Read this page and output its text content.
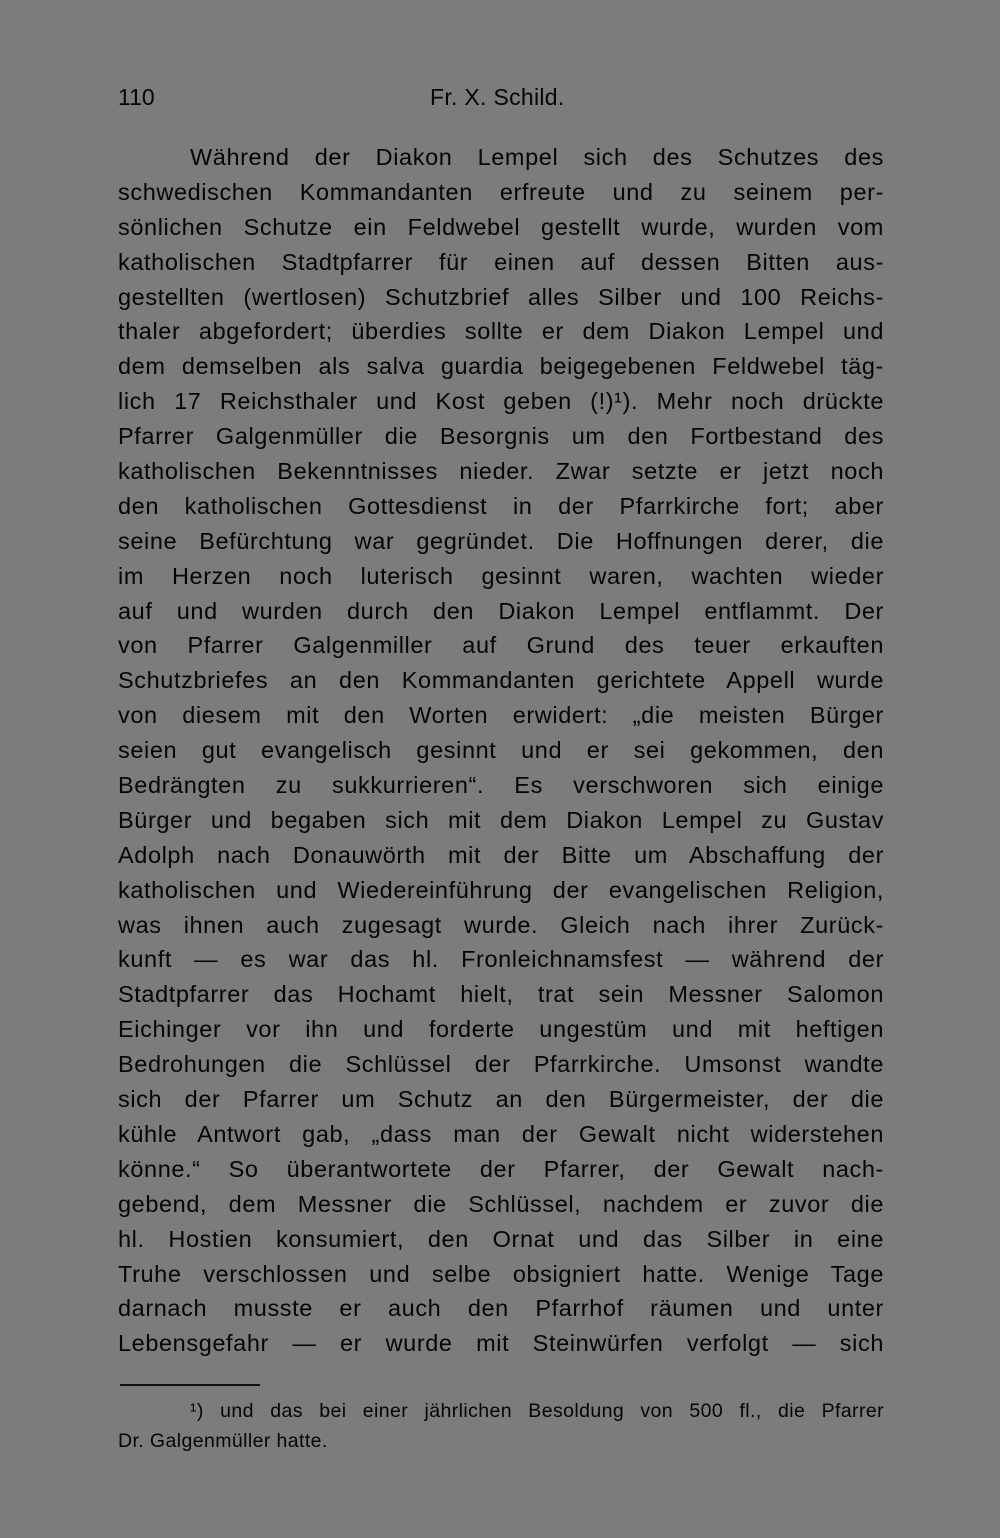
110	Fr. X. Schild.
Während der Diakon Lempel sich des Schutzes des
schwedischen Kommandanten erfreute und zu seinem per-
sönlichen Schutze ein Feldwebel gestellt wurde, wurden vom
katholischen Stadtpfarrer für einen auf dessen Bitten aus-
gestellten (wertlosen) Schutzbrief alles Silber und 100 Reichs-
thaler abgefordert; überdies sollte er dem Diakon Lempel und
dem demselben als salva guardia beigegebenen Feldwebel täg-
lich 17 Reichsthaler und Kost geben (!)¹). Mehr noch drückte
Pfarrer Galgenmüller die Besorgnis um den Fortbestand des
katholischen Bekenntnisses nieder. Zwar setzte er jetzt noch
den katholischen Gottesdienst in der Pfarrkirche fort; aber
seine Befürchtung war gegründet. Die Hoffnungen derer, die
im Herzen noch luterisch gesinnt waren, wachten wieder
auf und wurden durch den Diakon Lempel entflammt. Der
von Pfarrer Galgenmiller auf Grund des teuer erkauften
Schutzbriefes an den Kommandanten gerichtete Appell wurde
von diesem mit den Worten erwidert: „die meisten Bürger
seien gut evangelisch gesinnt und er sei gekommen, den
Bedrängten zu sukkurrieren“. Es verschworen sich einige
Bürger und begaben sich mit dem Diakon Lempel zu Gustav
Adolph nach Donauwörth mit der Bitte um Abschaffung der
katholischen und Wiedereinführung der evangelischen Religion,
was ihnen auch zugesagt wurde. Gleich nach ihrer Zurück-
kunft — es war das hl. Fronleichnamsfest — während der
Stadtpfarrer das Hochamt hielt, trat sein Messner Salomon
Eichinger vor ihn und forderte ungestüm und mit heftigen
Bedrohungen die Schlüssel der Pfarrkirche. Umsonst wandte
sich der Pfarrer um Schutz an den Bürgermeister, der die
kühle Antwort gab, „dass man der Gewalt nicht widerstehen
könne.“ So überantwortete der Pfarrer, der Gewalt nach-
gebend, dem Messner die Schlüssel, nachdem er zuvor die
hl. Hostien konsumiert, den Ornat und das Silber in eine
Truhe verschlossen und selbe obsigniert hatte. Wenige Tage
darnach musste er auch den Pfarrhof räumen und unter
Lebensgefahr — er wurde mit Steinwürfen verfolgt — sich
¹) und das bei einer jährlichen Besoldung von 500 fl., die Pfarrer
Dr. Galgenmüller hatte.
